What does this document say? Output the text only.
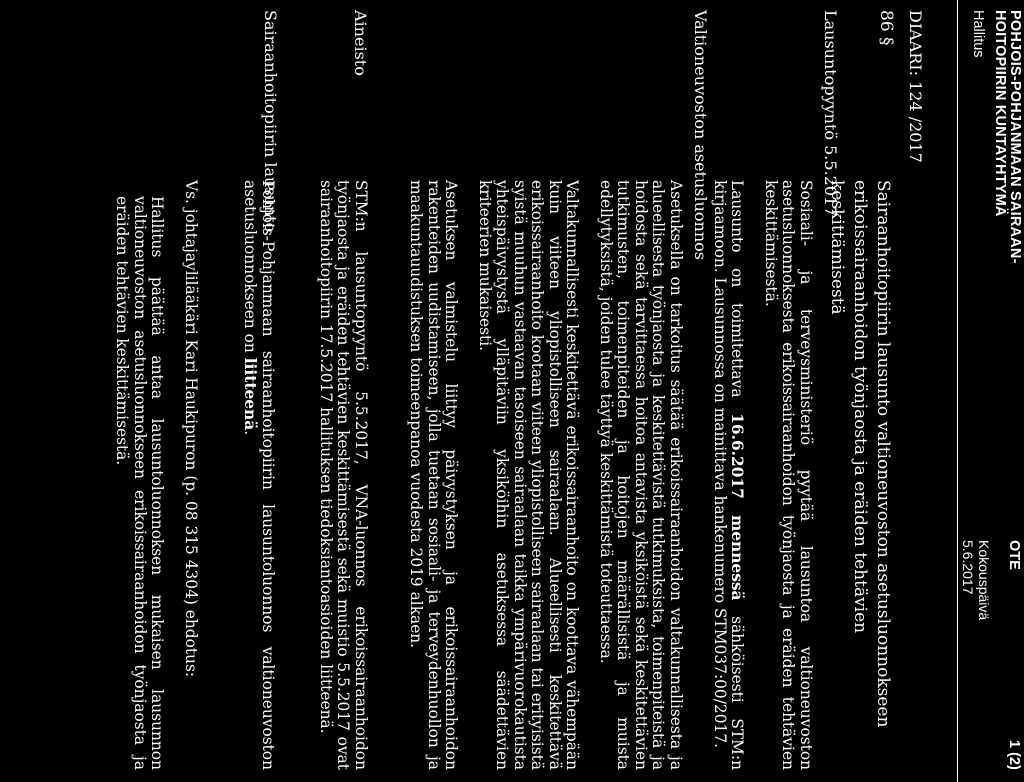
POHJOIS-POHJANMAAN SAIRAAN-
HOITOPIIRIN KUNTAYHTYMÄ
OTE
1 (2)
Hallitus
Kokouspäivä
5.6.2017
DIAARI: 124 /2017
86 §
Sairaanhoitopiirin lausunto valtioneuvoston asetusluonnokseen erikoissairaanhoidon työnjaosta ja eräiden tehtävien keskittämisestä
Lausuntopyyntö 5.5.2017

Sosiaali- ja terveysministeriö pyytää lausuntoa valtioneuvoston asetusluonnoksesta erikoissairaanhoidon työnjaosta ja eräiden tehtävien keskittämisestä.

Lausunto on toimitettava 16.6.2017 mennessä sähköisesti STM:n kirjaamoon. Lausunnossa on mainittava hankenumero STM037:00/2017.

Valtioneuvoston asetusluonnos

Asetuksella on tarkoitus säätää erikoissairaanhoidon valtakunnallisesta ja alueellisesta työnjaosta ja keskitettävistä tutkimuksista, toimenpiteistä ja hoidosta sekä tarvittaessa hoitoa antavista yksiköistä sekä keskitettävien tutkimusten, toimenpiteiden ja hoitojen määrällisistä ja muista edellytyksistä, joiden tulee täyttyä keskittämistä toteuttaessa.

Valtakunnallisesti keskitettävä erikoissairaanhoito on koottava vähempään kuin viiteen yliopistolliseen sairaalaan. Alueellisesti keskitettävä erikoissairaanhoito kootaan viiteen yliopistolliseen sairaalaan tai erityisistä syistä muuhun vastaavan tasoiseen sairaalaan taikka ympärivuorokautista yhteispäivystystä ylläpitäviin yksiköihin asetuksessa säädettävien kriteerien mukaisesti.

Asetuksen valmistelu liittyy päivystyksen ja erikoissairaanhoidon rakenteiden uudistamiseen, jolla tuetaan sosiaali- ja terveydenhuollon ja maakuntauudistuksen toimeenpanoa vuodesta 2019 alkaen.

Aineisto

STM:n lausuntopyyntö 5.5.2017, VNA-luonnos erikoissairaanhoidon työnjaosta ja eräiden tehtävien keskittämisestä sekä muistio 5.5.2017 ovat sairaanhoitopiirin 17.5.2017 hallituksen tiedoksiantoasioiden liitteenä.

Sairaanhoitopiirin lausunto

Pohjois-Pohjanmaan sairaanhoitopiirin lausuntoluonnos valtioneuvoston asetusluonnokseen on liitteenä.

Vs. johtajaylilääkäri Kari Haukipuron (p. 08 315 4304) ehdotus:

Hallitus päättää antaa lausuntoluonnoksen mukaisen lausunnon valtioneuvoston asetusluonnokseen erikoissairaanhoidon työnjaosta ja eräiden tehtävien keskittämisestä.
